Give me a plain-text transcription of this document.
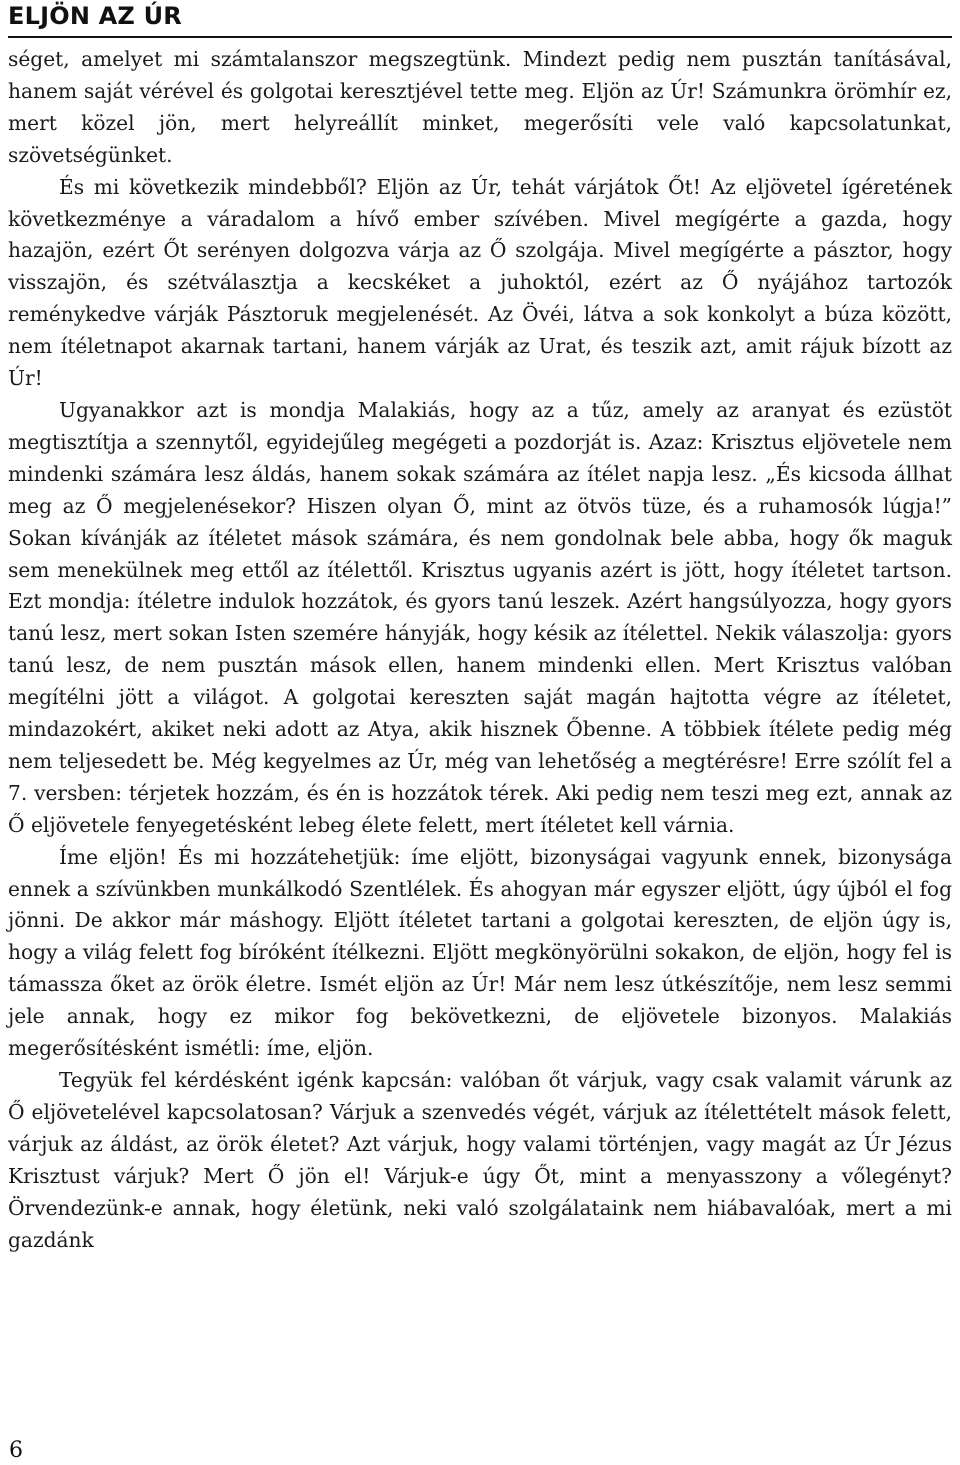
ELJÖN AZ ÚR

séget, amelyet mi számtalanszor megszegtünk. Mindezt pedig nem pusztán tanításával, hanem saját vérével és golgotai keresztjével tette meg. Eljön az Úr! Számunkra örömhír ez, mert közel jön, mert helyreállít minket, megerősíti vele való kapcsolatunkat, szövetségünket.

És mi következik mindebből? Eljön az Úr, tehát várjátok Őt! Az eljövetel ígéretének következménye a váradalom a hívő ember szívében. Mivel megígérte a gazda, hogy hazajön, ezért Őt serényen dolgozva várja az Ő szolgája. Mivel megígérte a pásztor, hogy visszajön, és szétválasztja a kecskéket a juhoktól, ezért az Ő nyájához tartozók reménykedve várják Pásztoruk megjelenését. Az Övéi, látva a sok konkolyt a búza között, nem ítéletnapot akarnak tartani, hanem várják az Urat, és teszik azt, amit rájuk bízott az Úr!

Ugyanakkor azt is mondja Malakiás, hogy az a tűz, amely az aranyat és ezüstöt megtisztítja a szennytől, egyidejűleg megégeti a pozdorját is. Azaz: Krisztus eljövetele nem mindenki számára lesz áldás, hanem sokak számára az ítélet napja lesz. „És kicsoda állhat meg az Ő megjelenésekor? Hiszen olyan Ő, mint az ötvös tüze, és a ruhamosók lúgja!” Sokan kívánják az ítéletet mások számára, és nem gondolnak bele abba, hogy ők maguk sem menekülnek meg ettől az ítélettől. Krisztus ugyanis azért is jött, hogy ítéletet tartson. Ezt mondja: ítéletre indulok hozzátok, és gyors tanú leszek. Azért hangsúlyozza, hogy gyors tanú lesz, mert sokan Isten szemére hányják, hogy késik az ítélettel. Nekik válaszolja: gyors tanú lesz, de nem pusztán mások ellen, hanem mindenki ellen. Mert Krisztus valóban megítélni jött a világot. A golgotai kereszten saját magán hajtotta végre az ítéletet, mindazokért, akiket neki adott az Atya, akik hisznek Őbenne. A többiek ítélete pedig még nem teljesedett be. Még kegyelmes az Úr, még van lehetőség a megtérésre! Erre szólít fel a 7. versben: térjetek hozzám, és én is hozzátok térek. Aki pedig nem teszi meg ezt, annak az Ő eljövetele fenyegetésként lebeg élete felett, mert ítéletet kell várnia.

Íme eljön! És mi hozzátehetjük: íme eljött, bizonyságai vagyunk ennek, bizonysága ennek a szívünkben munkálkodó Szentlélek. És ahogyan már egyszer eljött, úgy újból el fog jönni. De akkor már máshogy. Eljött ítéletet tartani a golgotai kereszten, de eljön úgy is, hogy a világ felett fog bíróként ítélkezni. Eljött megkönyörülni sokakon, de eljön, hogy fel is támassza őket az örök életre. Ismét eljön az Úr! Már nem lesz útkészítője, nem lesz semmi jele annak, hogy ez mikor fog bekövetkezni, de eljövetele bizonyos. Malakiás megerősítésként ismétli: íme, eljön.

Tegyük fel kérdésként igénk kapcsán: valóban őt várjuk, vagy csak valamit várunk az Ő eljövetelével kapcsolatosan? Várjuk a szenvedés végét, várjuk az ítélettételt mások felett, várjuk az áldást, az örök életet? Azt várjuk, hogy valami történjen, vagy magát az Úr Jézus Krisztust várjuk? Mert Ő jön el! Várjuk-e úgy Őt, mint a menyasszony a vőlegényt? Örvendezünk-e annak, hogy életünk, neki való szolgálataink nem hiábavalóak, mert a mi gazdánk

6
